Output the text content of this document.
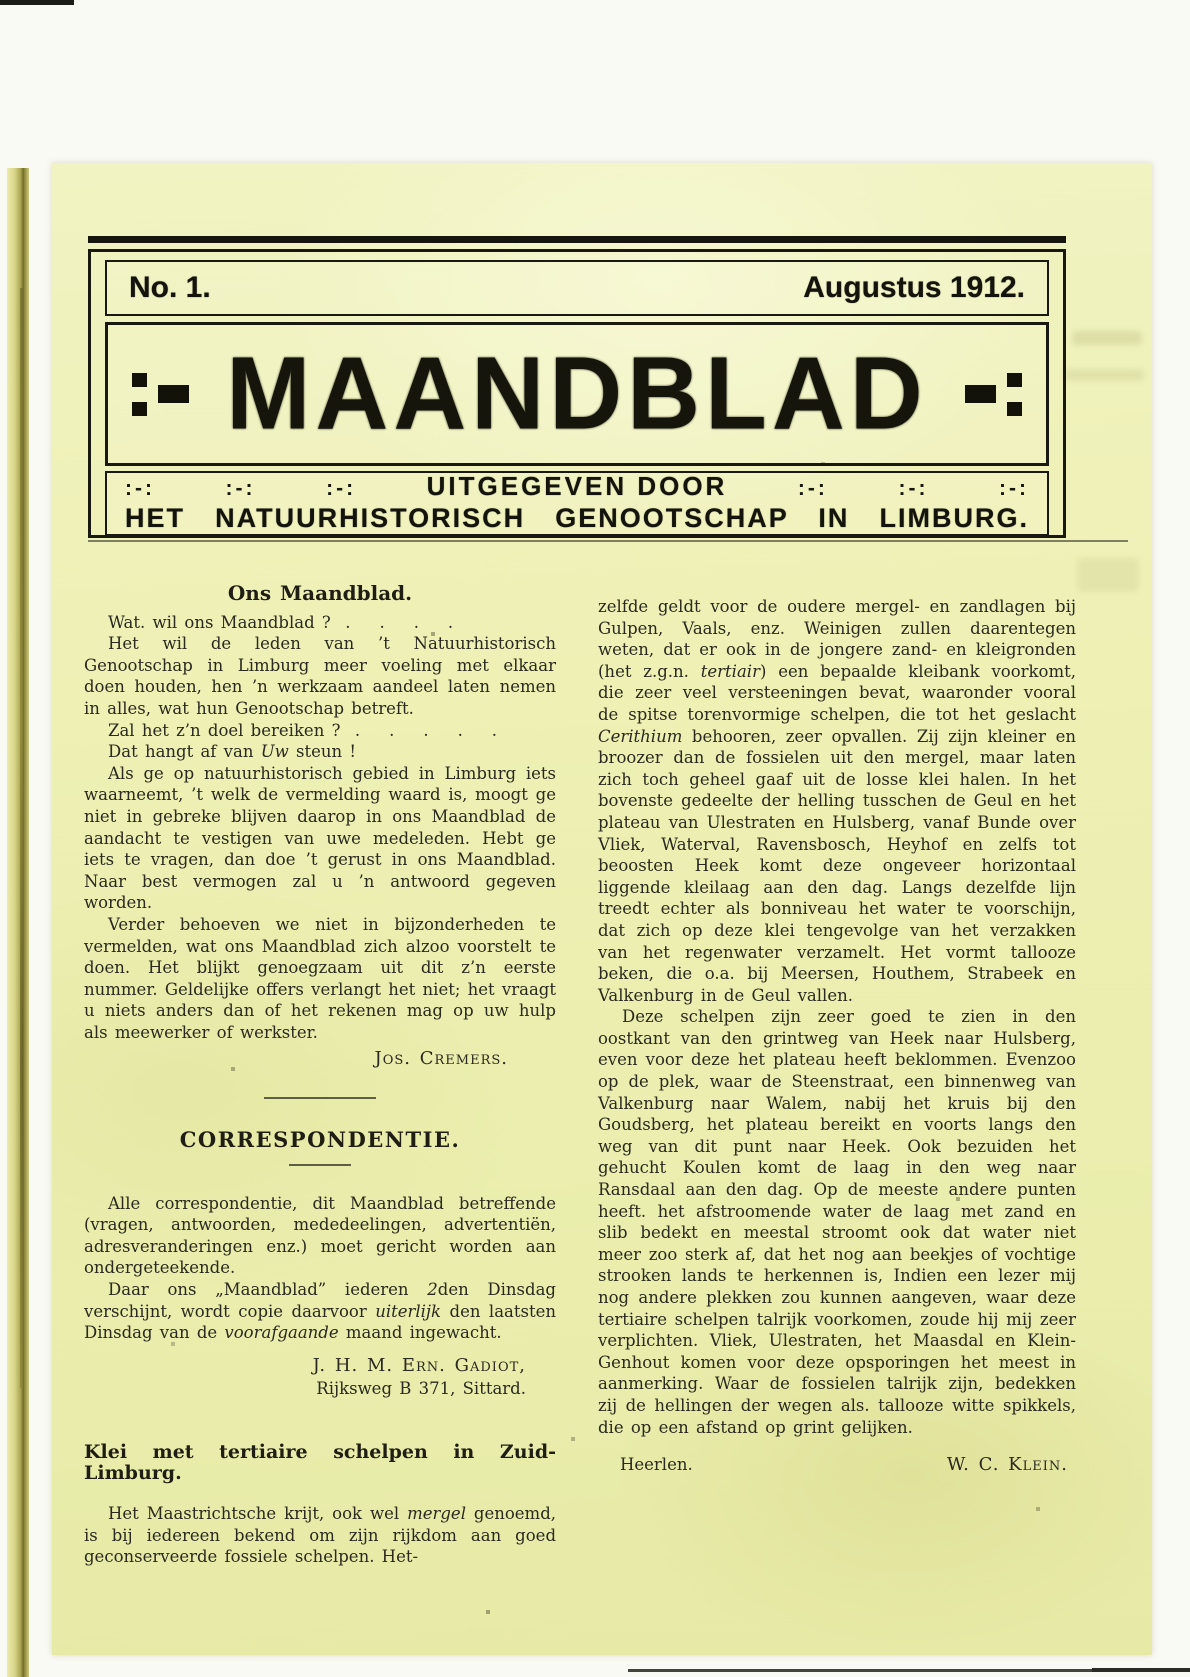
No. 1.	Augustus 1912.
MAANDBLAD
:-:	:-:	:-:	UITGEGEVEN DOOR	:-:	:-:	:-:
HET NATUURHISTORISCH GENOOTSCHAP IN LIMBURG.
Ons Maandblad.

Wat. wil ons Maandblad ?  .    .    .    .

Het wil de leden van ’t Natuurhistorisch Genootschap in Limburg meer voeling met elkaar doen houden, hen ’n werkzaam aandeel laten nemen in alles, wat hun Genootschap betreft.

Zal het z’n doel bereiken ?  .    .    .    .    .

Dat hangt af van Uw steun !

Als ge op natuurhistorisch gebied in Limburg iets waarneemt, ’t welk de vermelding waard is, moogt ge niet in gebreke blijven daarop in ons Maandblad de aandacht te vestigen van uwe medeleden. Hebt ge iets te vragen, dan doe ’t gerust in ons Maandblad. Naar best vermogen zal u ’n antwoord gegeven worden.

Verder behoeven we niet in bijzonderheden te vermelden, wat ons Maandblad zich alzoo voorstelt te doen. Het blijkt genoegzaam uit dit z’n eerste nummer. Geldelijke offers verlangt het niet; het vraagt u niets anders dan of het rekenen mag op uw hulp als meewerker of werkster.

Jos. Cremers.
CORRESPONDENTIE.

Alle correspondentie, dit Maandblad betreffende (vragen, antwoorden, mededeelingen, advertentiën, adresveranderingen enz.) moet gericht worden aan ondergeteekende.

Daar ons „Maandblad” iederen 2den Dinsdag verschijnt, wordt copie daarvoor uiterlijk den laatsten Dinsdag van de voorafgaande maand ingewacht.

J. H. M. Ern. Gadiot,
Rijksweg B 371, Sittard.
Klei met tertiaire schelpen in Zuid-Limburg.

Het Maastrichtsche krijt, ook wel mergel genoemd, is bij iedereen bekend om zijn rijkdom aan goed geconserveerde fossiele schelpen. Het-

zelfde geldt voor de oudere mergel- en zandlagen bij Gulpen, Vaals, enz. Weinigen zullen daarentegen weten, dat er ook in de jongere zand- en kleigronden (het z.g.n. tertiair) een bepaalde kleibank voorkomt, die zeer veel versteeningen bevat, waaronder vooral de spitse torenvormige schelpen, die tot het geslacht Cerithium behooren, zeer opvallen. Zij zijn kleiner en broozer dan de fossielen uit den mergel, maar laten zich toch geheel gaaf uit de losse klei halen. In het bovenste gedeelte der helling tusschen de Geul en het plateau van Ulestraten en Hulsberg, vanaf Bunde over Vliek, Waterval, Ravensbosch, Heyhof en zelfs tot beoosten Heek komt deze ongeveer horizontaal liggende kleilaag aan den dag. Langs dezelfde lijn treedt echter als bonniveau het water te voorschijn, dat zich op deze klei tengevolge van het verzakken van het regenwater verzamelt. Het vormt tallooze beken, die o.a. bij Meersen, Houthem, Strabeek en Valkenburg in de Geul vallen.

Deze schelpen zijn zeer goed te zien in den oostkant van den grintweg van Heek naar Hulsberg, even voor deze het plateau heeft beklommen. Evenzoo op de plek, waar de Steenstraat, een binnenweg van Valkenburg naar Walem, nabij het kruis bij den Goudsberg, het plateau bereikt en voorts langs den weg van dit punt naar Heek. Ook bezuiden het gehucht Koulen komt de laag in den weg naar Ransdaal aan den dag. Op de meeste andere punten heeft. het afstroomende water de laag met zand en slib bedekt en meestal stroomt ook dat water niet meer zoo sterk af, dat het nog aan beekjes of vochtige strooken lands te herkennen is, Indien een lezer mij nog andere plekken zou kunnen aangeven, waar deze tertiaire schelpen talrijk voorkomen, zoude hij mij zeer verplichten. Vliek, Ulestraten, het Maasdal en Klein-Genhout komen voor deze opsporingen het meest in aanmerking. Waar de fossielen talrijk zijn, bedekken zij de hellingen der wegen als. tallooze witte spikkels, die op een afstand op grint gelijken.

Heerlen.	W. C. Klein.
